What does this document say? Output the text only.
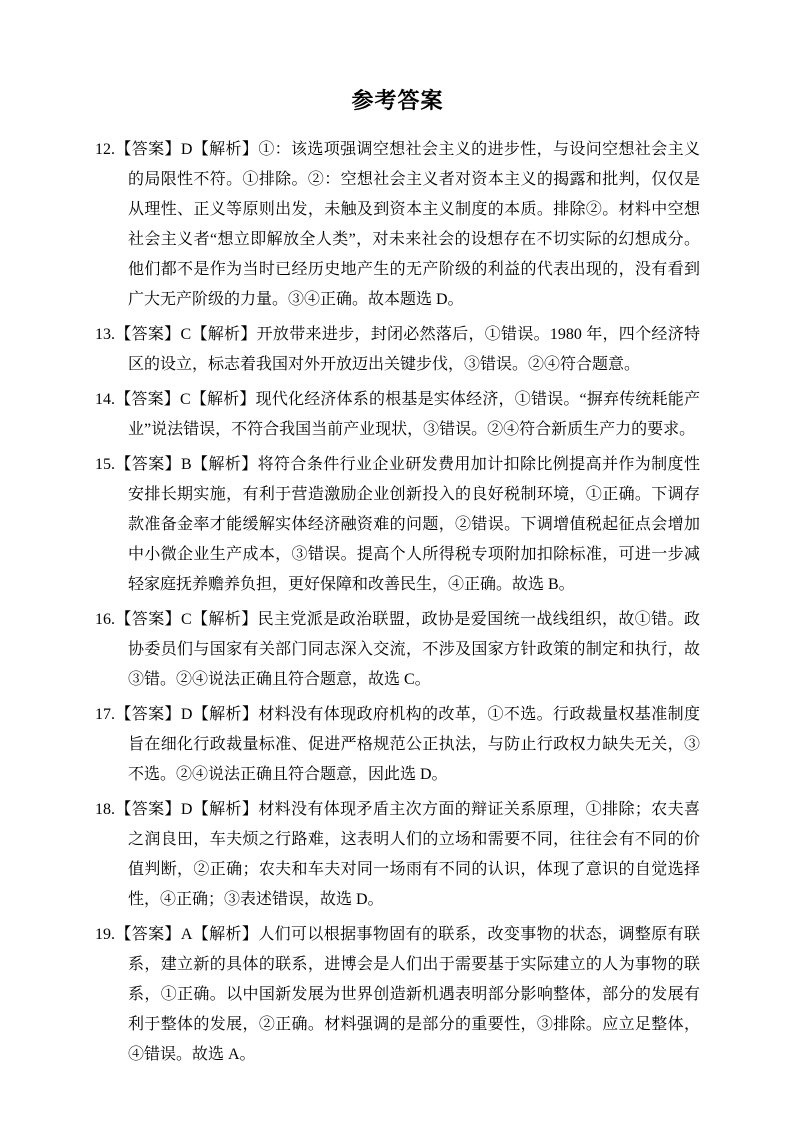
参考答案

12.【答案】D【解析】①：该选项强调空想社会主义的进步性，与设问空想社会主义的局限性不符。①排除。②：空想社会主义者对资本主义的揭露和批判，仅仅是从理性、正义等原则出发，未触及到资本主义制度的本质。排除②。材料中空想社会主义者“想立即解放全人类”，对未来社会的设想存在不切实际的幻想成分。他们都不是作为当时已经历史地产生的无产阶级的利益的代表出现的，没有看到广大无产阶级的力量。③④正确。故本题选 D。

13.【答案】C【解析】开放带来进步，封闭必然落后，①错误。1980 年，四个经济特区的设立，标志着我国对外开放迈出关键步伐，③错误。②④符合题意。

14.【答案】C【解析】现代化经济体系的根基是实体经济，①错误。“摒弃传统耗能产业”说法错误，不符合我国当前产业现状，③错误。②④符合新质生产力的要求。

15.【答案】B【解析】将符合条件行业企业研发费用加计扣除比例提高并作为制度性安排长期实施，有利于营造激励企业创新投入的良好税制环境，①正确。下调存款准备金率才能缓解实体经济融资难的问题，②错误。下调增值税起征点会增加中小微企业生产成本，③错误。提高个人所得税专项附加扣除标准，可进一步减轻家庭抚养赡养负担，更好保障和改善民生，④正确。故选 B。

16.【答案】C【解析】民主党派是政治联盟，政协是爱国统一战线组织，故①错。政协委员们与国家有关部门同志深入交流，不涉及国家方针政策的制定和执行，故③错。②④说法正确且符合题意，故选 C。

17.【答案】D【解析】材料没有体现政府机构的改革，①不选。行政裁量权基准制度旨在细化行政裁量标准、促进严格规范公正执法，与防止行政权力缺失无关，③不选。②④说法正确且符合题意，因此选 D。

18.【答案】D【解析】材料没有体现矛盾主次方面的辩证关系原理，①排除；农夫喜之润良田，车夫烦之行路难，这表明人们的立场和需要不同，往往会有不同的价值判断，②正确；农夫和车夫对同一场雨有不同的认识，体现了意识的自觉选择性，④正确；③表述错误，故选 D。

19.【答案】A【解析】人们可以根据事物固有的联系，改变事物的状态，调整原有联系，建立新的具体的联系，进博会是人们出于需要基于实际建立的人为事物的联系，①正确。以中国新发展为世界创造新机遇表明部分影响整体，部分的发展有利于整体的发展，②正确。材料强调的是部分的重要性，③排除。应立足整体，④错误。故选 A。
